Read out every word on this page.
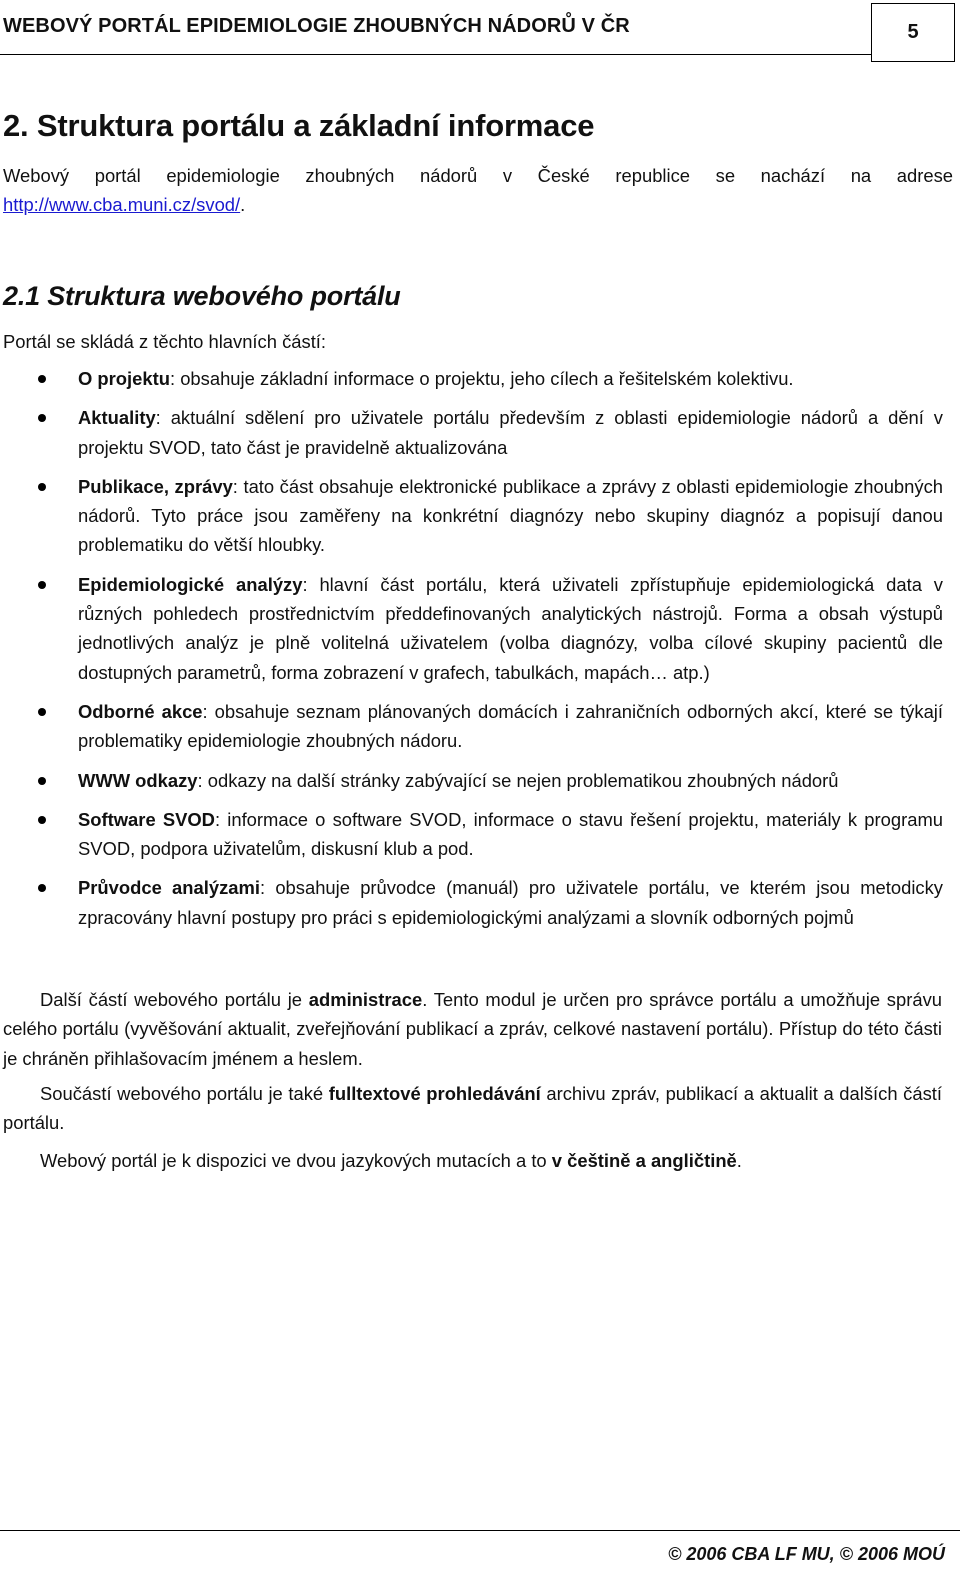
WEBOVÝ PORTÁL EPIDEMIOLOGIE ZHOUBNÝCH NÁDORŮ V ČR	5
2. Struktura portálu a základní informace
Webový portál epidemiologie zhoubných nádorů v České republice se nachází na adrese
http://www.cba.muni.cz/svod/.
2.1 Struktura webového portálu
Portál se skládá z těchto hlavních částí:
O projektu: obsahuje základní informace o projektu, jeho cílech a řešitelském kolektivu.
Aktuality: aktuální sdělení pro uživatele portálu především z oblasti epidemiologie nádorů a dění v projektu SVOD, tato část je pravidelně aktualizována
Publikace, zprávy: tato část obsahuje elektronické publikace a zprávy z oblasti epidemiologie zhoubných nádorů. Tyto práce jsou zaměřeny na konkrétní diagnózy nebo skupiny diagnóz a popisují danou problematiku do větší hloubky.
Epidemiologické analýzy: hlavní část portálu, která uživateli zpřístupňuje epidemiologická data v různých pohledech prostřednictvím předdefinovaných analytických nástrojů. Forma a obsah výstupů jednotlivých analýz je plně volitelná uživatelem (volba diagnózy, volba cílové skupiny pacientů dle dostupných parametrů, forma zobrazení v grafech, tabulkách, mapách… atp.)
Odborné akce: obsahuje seznam plánovaných domácích i zahraničních odborných akcí, které se týkají problematiky epidemiologie zhoubných nádoru.
WWW odkazy: odkazy na další stránky zabývající se nejen problematikou zhoubných nádorů
Software SVOD: informace o software SVOD, informace o stavu řešení projektu, materiály k programu SVOD, podpora uživatelům, diskusní klub a pod.
Průvodce analýzami: obsahuje průvodce (manuál) pro uživatele portálu, ve kterém jsou metodicky zpracovány hlavní postupy pro práci s epidemiologickými analýzami a slovník odborných pojmů
Další částí webového portálu je administrace. Tento modul je určen pro správce portálu a umožňuje správu celého portálu (vyvěšování aktualit, zveřejňování publikací a zpráv, celkové nastavení portálu). Přístup do této části je chráněn přihlašovacím jménem a heslem.
Součástí webového portálu je také fulltextové prohledávání archivu zpráv, publikací a aktualit a dalších částí portálu.
Webový portál je k dispozici ve dvou jazykových mutacích a to v češtině a angličtině.
© 2006 CBA LF MU, © 2006 MOÚ
